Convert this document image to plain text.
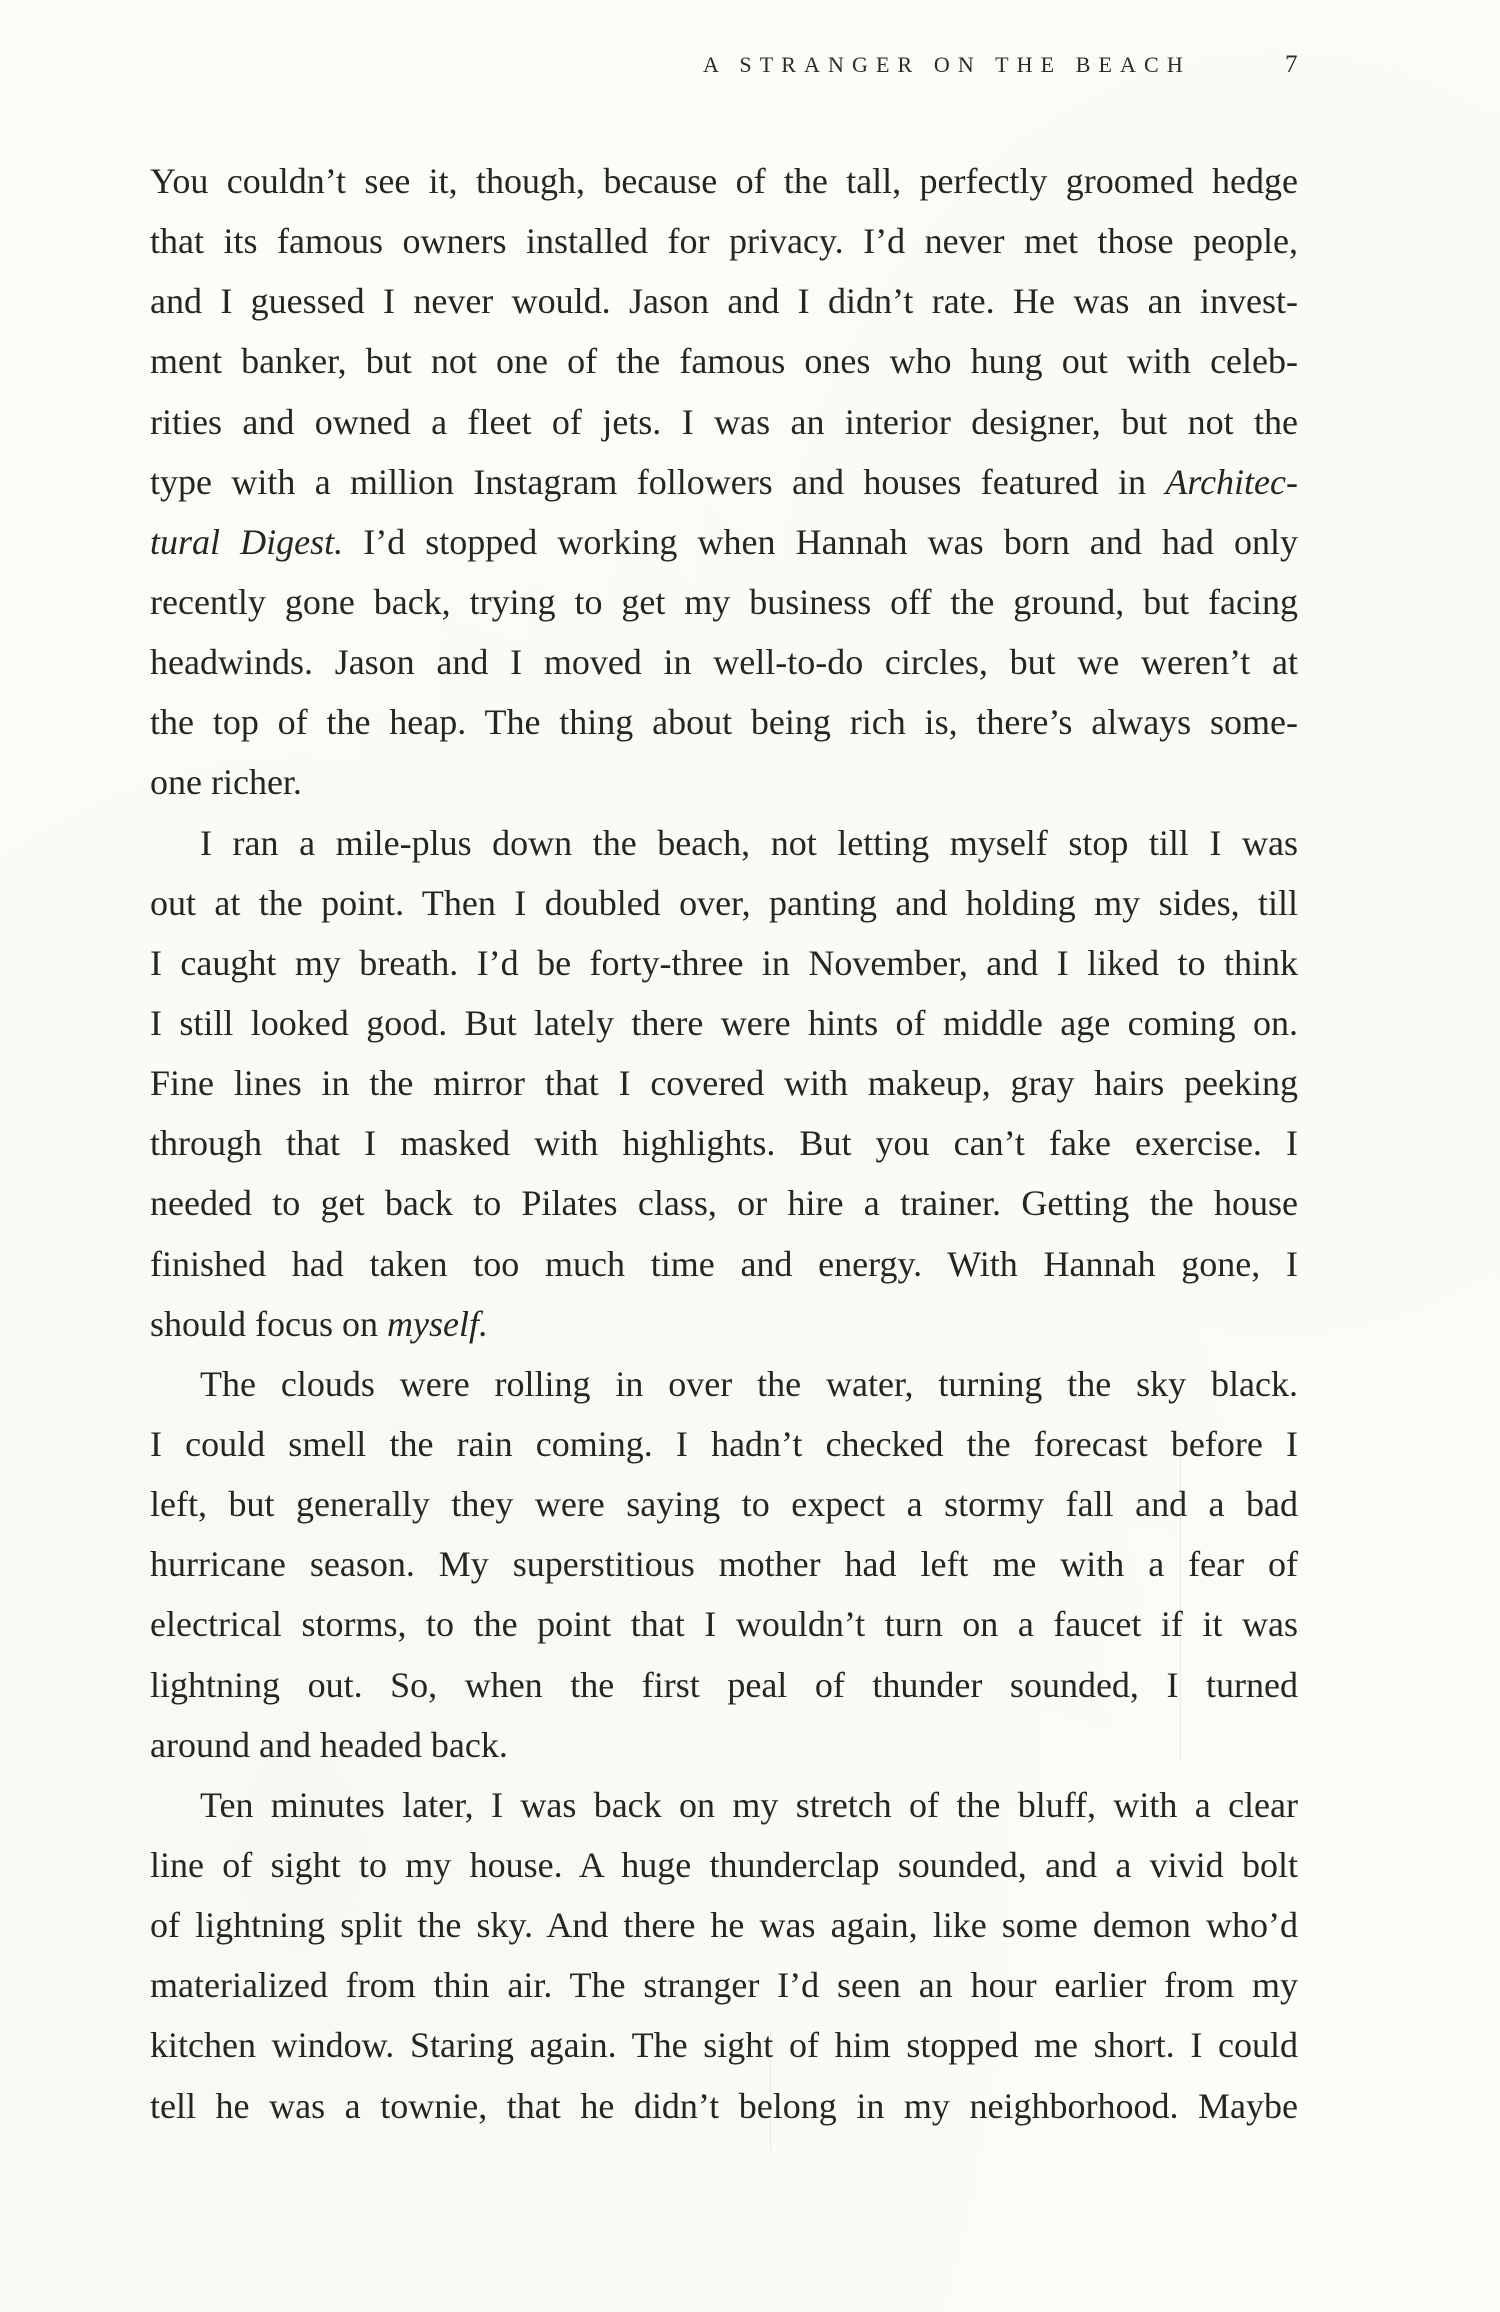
A STRANGER ON THE BEACH	7
You couldn’t see it, though, because of the tall, perfectly groomed hedge
that its famous owners installed for privacy. I’d never met those people,
and I guessed I never would. Jason and I didn’t rate. He was an invest-
ment banker, but not one of the famous ones who hung out with celeb-
rities and owned a fleet of jets. I was an interior designer, but not the
type with a million Instagram followers and houses featured in Architec-
tural Digest. I’d stopped working when Hannah was born and had only
recently gone back, trying to get my business off the ground, but facing
headwinds. Jason and I moved in well-to-do circles, but we weren’t at
the top of the heap. The thing about being rich is, there’s always some-
one richer.
I ran a mile-plus down the beach, not letting myself stop till I was
out at the point. Then I doubled over, panting and holding my sides, till
I caught my breath. I’d be forty-three in November, and I liked to think
I still looked good. But lately there were hints of middle age coming on.
Fine lines in the mirror that I covered with makeup, gray hairs peeking
through that I masked with highlights. But you can’t fake exercise. I
needed to get back to Pilates class, or hire a trainer. Getting the house
finished had taken too much time and energy. With Hannah gone, I
should focus on myself.
The clouds were rolling in over the water, turning the sky black.
I could smell the rain coming. I hadn’t checked the forecast before I
left, but generally they were saying to expect a stormy fall and a bad
hurricane season. My superstitious mother had left me with a fear of
electrical storms, to the point that I wouldn’t turn on a faucet if it was
lightning out. So, when the first peal of thunder sounded, I turned
around and headed back.
Ten minutes later, I was back on my stretch of the bluff, with a clear
line of sight to my house. A huge thunderclap sounded, and a vivid bolt
of lightning split the sky. And there he was again, like some demon who’d
materialized from thin air. The stranger I’d seen an hour earlier from my
kitchen window. Staring again. The sight of him stopped me short. I could
tell he was a townie, that he didn’t belong in my neighborhood. Maybe
